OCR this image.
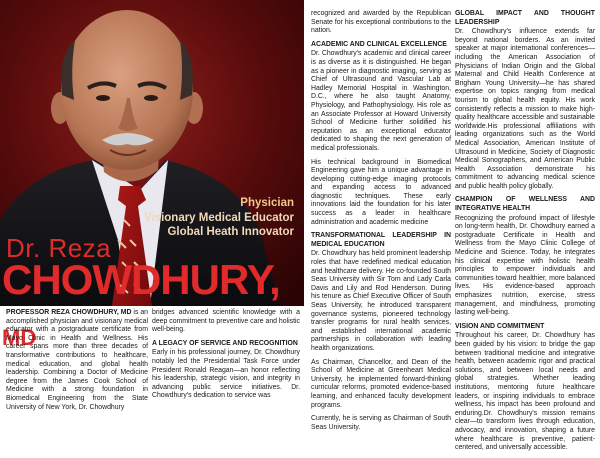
Physician
Visionary Medical Educator
Global Heath Innovator
Dr. Reza
CHOWDHURY, MD

PROFESSOR REZA CHOWDHURY, MD is an accomplished physician and visionary medical educator with a postgraduate certificate from Mayo Clinic in Health and Wellness. His career spans more than three decades of transformative contributions to healthcare, medical education, and global health leadership. Combining a Doctor of Medicine degree from the James Cook School of Medicine with a strong foundation in Biomedical Engineering from the State University of New York, Dr. Chowdhury

bridges advanced scientific knowledge with a deep commitment to preventive care and holistic well-being.

A LEGACY OF SERVICE AND RECOGNITION

Early in his professional journey, Dr. Chowdhury notably led the Presidential Task Force under President Ronald Reagan—an honor reflecting his leadership, strategic vision, and integrity in advancing public service initiatives. Dr. Chowdhury's dedication to service was

recognized and awarded by the Republican Senate for his exceptional contributions to the nation.

ACADEMIC AND CLINICAL EXCELLENCE

Dr. Chowdhury's academic and clinical career is as diverse as it is distinguished. He began as a pioneer in diagnostic imaging, serving as Chief of Ultrasound and Vascular Lab at Hadley Memorial Hospital in Washington, D.C., where he also taught Anatomy, Physiology, and Pathophysiology. His role as an Associate Professor at Howard University School of Medicine further solidified his reputation as an exceptional educator dedicated to shaping the next generation of medical professionals.

His technical background in Biomedical Engineering gave him a unique advantage in developing cutting-edge imaging protocols and expanding access to advanced diagnostic techniques. These early innovations laid the foundation for his later success as a leader in healthcare administration and academic medicine

TRANSFORMATIONAL LEADERSHIP IN MEDICAL EDUCATION

Dr. Chowdhury has held prominent leadership roles that have redefined medical education and healthcare delivery. He co-founded South Seas University with Sir Tom and Lady Carla Davis and Lily and Rod Henderson. During his tenure as Chief Executive Officer of South Seas University, he introduced transparent governance systems, pioneered technology transfer programs for rural health services, and established international academic partnerships in collaboration with leading health organizations.

As Chairman, Chancellor, and Dean of the School of Medicine at Greenheart Medical University, he implemented forward-thinking curricular reforms, promoted evidence-based learning, and enhanced faculty development programs.

Currently, he is serving as Chairman of South Seas University.

GLOBAL IMPACT AND THOUGHT LEADERSHIP

Dr. Chowdhury's influence extends far beyond national borders. As an invited speaker at major international conferences—including the American Association of Physicians of Indian Origin and the Global Maternal and Child Health Conference at Brigham Young University—he has shared expertise on topics ranging from medical tourism to global health equity. His work consistently reflects a mission to make high-quality healthcare accessible and sustainable worldwide.His professional affiliations with leading organizations such as the World Medical Association, American Institute of Ultrasound in Medicine, Society of Diagnostic Medical Sonographers, and American Public Health Association demonstrate his commitment to advancing medical science and public health policy globally.

CHAMPION OF WELLNESS AND INTEGRATIVE HEALTH

Recognizing the profound impact of lifestyle on long-term health, Dr. Chowdhury earned a postgraduate Certificate in Health and Wellness from the Mayo Clinic College of Medicine and Science. Today, he integrates his clinical expertise with holistic health principles to empower individuals and communities toward healthier, more balanced lives. His evidence-based approach emphasizes nutrition, exercise, stress management, and mindfulness, promoting lasting well-being.

VISION AND COMMITMENT

Throughout his career, Dr. Chowdhury has been guided by his vision: to bridge the gap between traditional medicine and integrative health, between academic rigor and practical solutions, and between local needs and global strategies. Whether leading institutions, mentoring future healthcare leaders, or inspiring individuals to embrace wellness, his impact has been profound and enduring.Dr. Chowdhury's mission remains clear—to transform lives through education, advocacy, and innovation, shaping a future where healthcare is preventive, patient-centered, and universally accessible.
